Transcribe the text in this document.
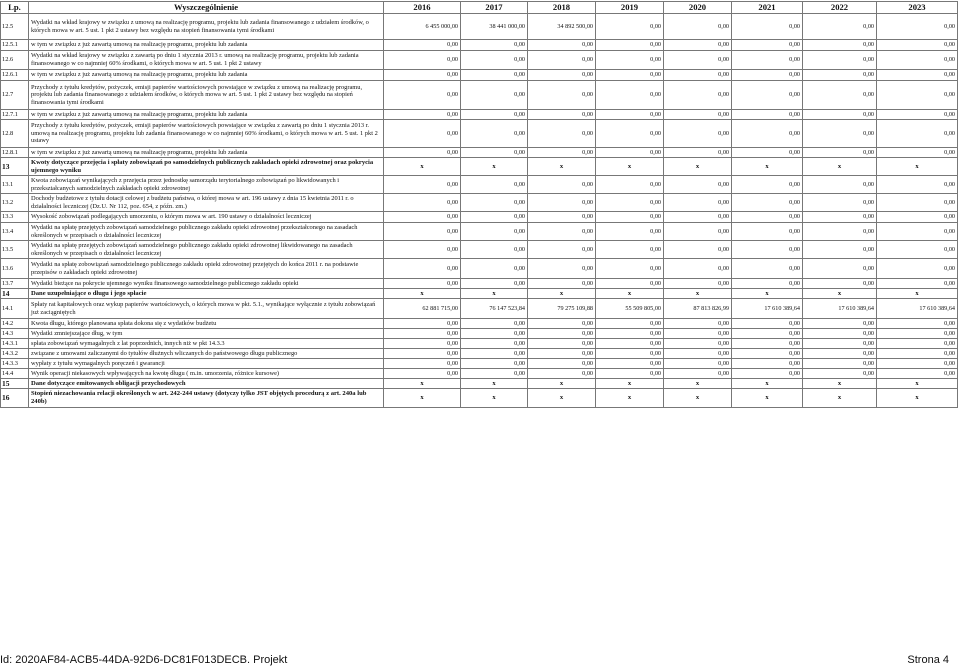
Lp.	Wyszczególnienie	2016	2017	2018	2019	2020	2021	2022	2023
12.5	Wydatki na wkład krajowy w związku z umową na realizację programu, projektu lub zadania finansowanego z udziałem środków, o których mowa w art. 5 ust. 1 pkt 2 ustawy bez względu na stopień finansowania tymi środkami	6 455 000,00	38 441 000,00	34 892 500,00	0,00	0,00	0,00	0,00	0,00
12.5.1	w tym w związku z już zawartą umową na realizację programu, projektu lub zadania	0,00	0,00	0,00	0,00	0,00	0,00	0,00	0,00
12.6	Wydatki na wkład krajowy w związku z zawartą po dniu 1 stycznia 2013 r. umową na realizację programu, projektu lub zadania finansowanego w co najmniej 60% środkami, o których mowa w art. 5 ust. 1 pkt 2 ustawy	0,00	0,00	0,00	0,00	0,00	0,00	0,00	0,00
12.6.1	w tym w związku z już zawartą umową na realizację programu, projektu lub zadania	0,00	0,00	0,00	0,00	0,00	0,00	0,00	0,00
12.7	Przychody z tytułu kredytów, pożyczek, emisji papierów wartościowych powstające w związku z umową na realizację programu, projektu lub zadania finansowanego z udziałem środków, o których mowa w art. 5 ust. 1 pkt 2 ustawy bez względu na stopień finansowania tymi środkami	0,00	0,00	0,00	0,00	0,00	0,00	0,00	0,00
12.7.1	w tym w związku z już zawartą umową na realizację programu, projektu lub zadania	0,00	0,00	0,00	0,00	0,00	0,00	0,00	0,00
12.8	Przychody z tytułu kredytów, pożyczek, emisji papierów wartościowych powstające w związku z zawartą po dniu 1 stycznia 2013 r. umową na realizację programu, projektu lub zadania finansowanego w co najmniej 60% środkami, o których mowa w art. 5 ust. 1 pkt 2 ustawy	0,00	0,00	0,00	0,00	0,00	0,00	0,00	0,00
12.8.1	w tym w związku z już zawartą umową na realizację programu, projektu lub zadania	0,00	0,00	0,00	0,00	0,00	0,00	0,00	0,00
13	Kwoty dotyczące przejęcia i spłaty zobowiązań po samodzielnych publicznych zakładach opieki zdrowotnej oraz pokrycia ujemnego wyniku	x	x	x	x	x	x	x	x
13.1	Kwota zobowiązań wynikających z przejęcia przez jednostkę samorządu terytorialnego zobowiązań po likwidowanych i przekształcanych samodzielnych zakładach opieki zdrowotnej	0,00	0,00	0,00	0,00	0,00	0,00	0,00	0,00
13.2	Dochody budżetowe z tytułu dotacji celowej z budżetu państwa, o której mowa w art. 196 ustawy z dnia 15 kwietnia 2011 r. o działalności leczniczej (Dz.U. Nr 112, poz. 654, z późn. zm.)	0,00	0,00	0,00	0,00	0,00	0,00	0,00	0,00
13.3	Wysokość zobowiązań podlegających umorzeniu, o którym mowa w art. 190 ustawy o działalności leczniczej	0,00	0,00	0,00	0,00	0,00	0,00	0,00	0,00
13.4	Wydatki na spłatę przejętych zobowiązań samodzielnego publicznego zakładu opieki zdrowotnej przekształconego na zasadach określonych w przepisach o działalności leczniczej	0,00	0,00	0,00	0,00	0,00	0,00	0,00	0,00
13.5	Wydatki na spłatę przejętych zobowiązań samodzielnego publicznego zakładu opieki zdrowotnej likwidowanego na zasadach określonych w przepisach o działalności leczniczej	0,00	0,00	0,00	0,00	0,00	0,00	0,00	0,00
13.6	Wydatki na spłatę zobowiązań samodzielnego publicznego zakładu opieki zdrowotnej przejętych do końca 2011 r. na podstawie przepisów o zakładach opieki zdrowotnej	0,00	0,00	0,00	0,00	0,00	0,00	0,00	0,00
13.7	Wydatki bieżące na pokrycie ujemnego wyniku finansowego samodzielnego publicznego zakładu opieki	0,00	0,00	0,00	0,00	0,00	0,00	0,00	0,00
14	Dane uzupełniające o długu i jego spłacie	x	x	x	x	x	x	x	x
14.1	Spłaty rat kapitałowych oraz wykup papierów wartościowych, o których mowa w pkt. 5.1., wynikające wyłącznie z tytułu zobowiązań już zaciągniętych	62 881 715,00	76 147 523,84	79 275 109,88	55 509 805,00	87 813 826,99	17 610 389,64	17 610 389,64	17 610 389,64
14.2	Kwota długu, którego planowana spłata dokona się z wydatków budżetu	0,00	0,00	0,00	0,00	0,00	0,00	0,00	0,00
14.3	Wydatki zmniejszające dług, w tym	0,00	0,00	0,00	0,00	0,00	0,00	0,00	0,00
14.3.1	spłata zobowiązań wymagalnych z lat poprzednich, innych niż w pkt 14.3.3	0,00	0,00	0,00	0,00	0,00	0,00	0,00	0,00
14.3.2	związane z umowami zaliczanymi do tytułów dłużnych wliczanych do państwowego długu publicznego	0,00	0,00	0,00	0,00	0,00	0,00	0,00	0,00
14.3.3	wypłaty z tytułu wymagalnych poręczeń i gwarancji	0,00	0,00	0,00	0,00	0,00	0,00	0,00	0,00
14.4	Wynik operacji niekasowych wpływających na kwotę długu ( m.in. umorzenia, różnice kursowe)	0,00	0,00	0,00	0,00	0,00	0,00	0,00	0,00
15	Dane dotyczące emitowanych obligacji przychodowych	x	x	x	x	x	x	x	x
16	Stopień niezachowania relacji określonych w art. 242-244 ustawy (dotyczy tylko JST objętych procedurą z art. 240a lub 240b)	x	x	x	x	x	x	x	x
Id: 2020AF84-ACB5-44DA-92D6-DC81F013DECB. Projekt	Strona 4
